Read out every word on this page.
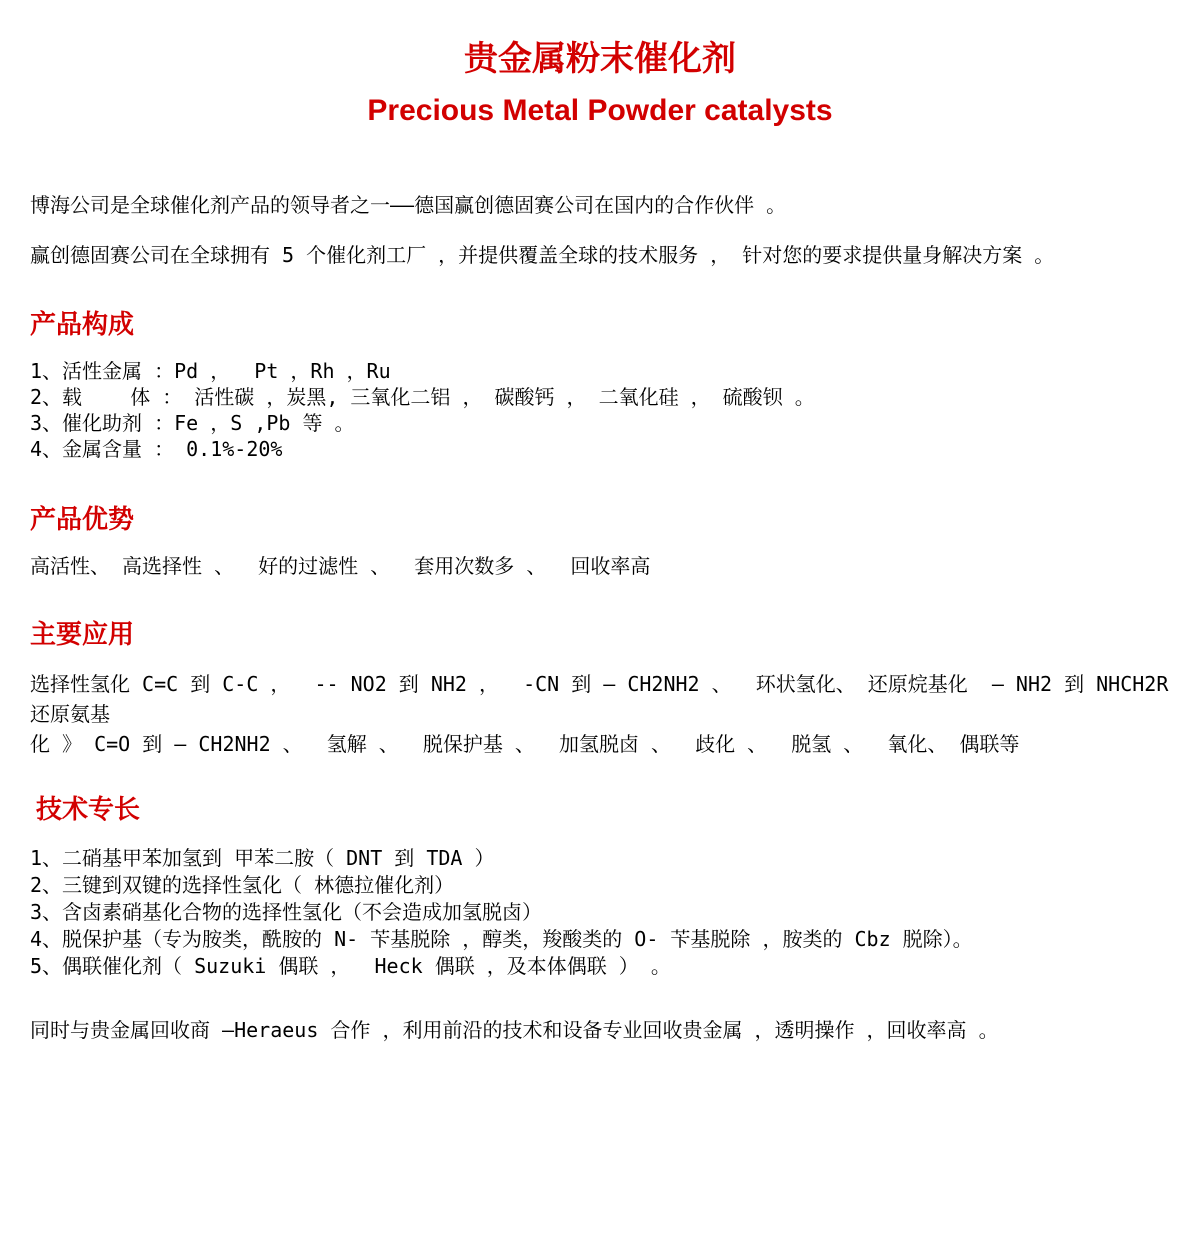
贵金属粉末催化剂
Precious Metal Powder catalysts

博海公司是全球催化剂产品的领导者之一——德国赢创德固赛公司在国内的合作伙伴 。

赢创德固赛公司在全球拥有 5 个催化剂工厂 ，并提供覆盖全球的技术服务 ， 针对您的要求提供量身解决方案 。

产品构成
1、活性金属 ：Pd ，  Pt ，Rh ，Ru
2、载    体 ： 活性碳 ，炭黑, 三氧化二铝 ， 碳酸钙 ， 二氧化硅 ， 硫酸钡 。
3、催化助剂 ：Fe ，S ,Pb 等 。
4、金属含量 ： 0.1%-20%
产品优势

高活性、 高选择性 、  好的过滤性 、  套用次数多 、  回收率高

主要应用
选择性氢化 C=C 到 C-C ，  -- NO2 到 NH2 ，  -CN 到 – CH2NH2 、  环状氢化、 还原烷基化  – NH2 到 NHCH2R还原氨基
化 》 C=O 到 – CH2NH2 、  氢解 、  脱保护基 、  加氢脱卤 、  歧化 、  脱氢 、  氧化、 偶联等
技术专长
1、二硝基甲苯加氢到 甲苯二胺（ DNT 到 TDA ）
2、三键到双键的选择性氢化（ 林德拉催化剂）
3、含卤素硝基化合物的选择性氢化（不会造成加氢脱卤）
4、脱保护基（专为胺类，酰胺的 N- 苄基脱除 ，醇类，羧酸类的 O- 苄基脱除 ，胺类的 Cbz 脱除）。
5、偶联催化剂（ Suzuki 偶联 ，  Heck 偶联 ，及本体偶联 ） 。

同时与贵金属回收商 —Heraeus 合作 ，利用前沿的技术和设备专业回收贵金属 ，透明操作 ，回收率高 。
